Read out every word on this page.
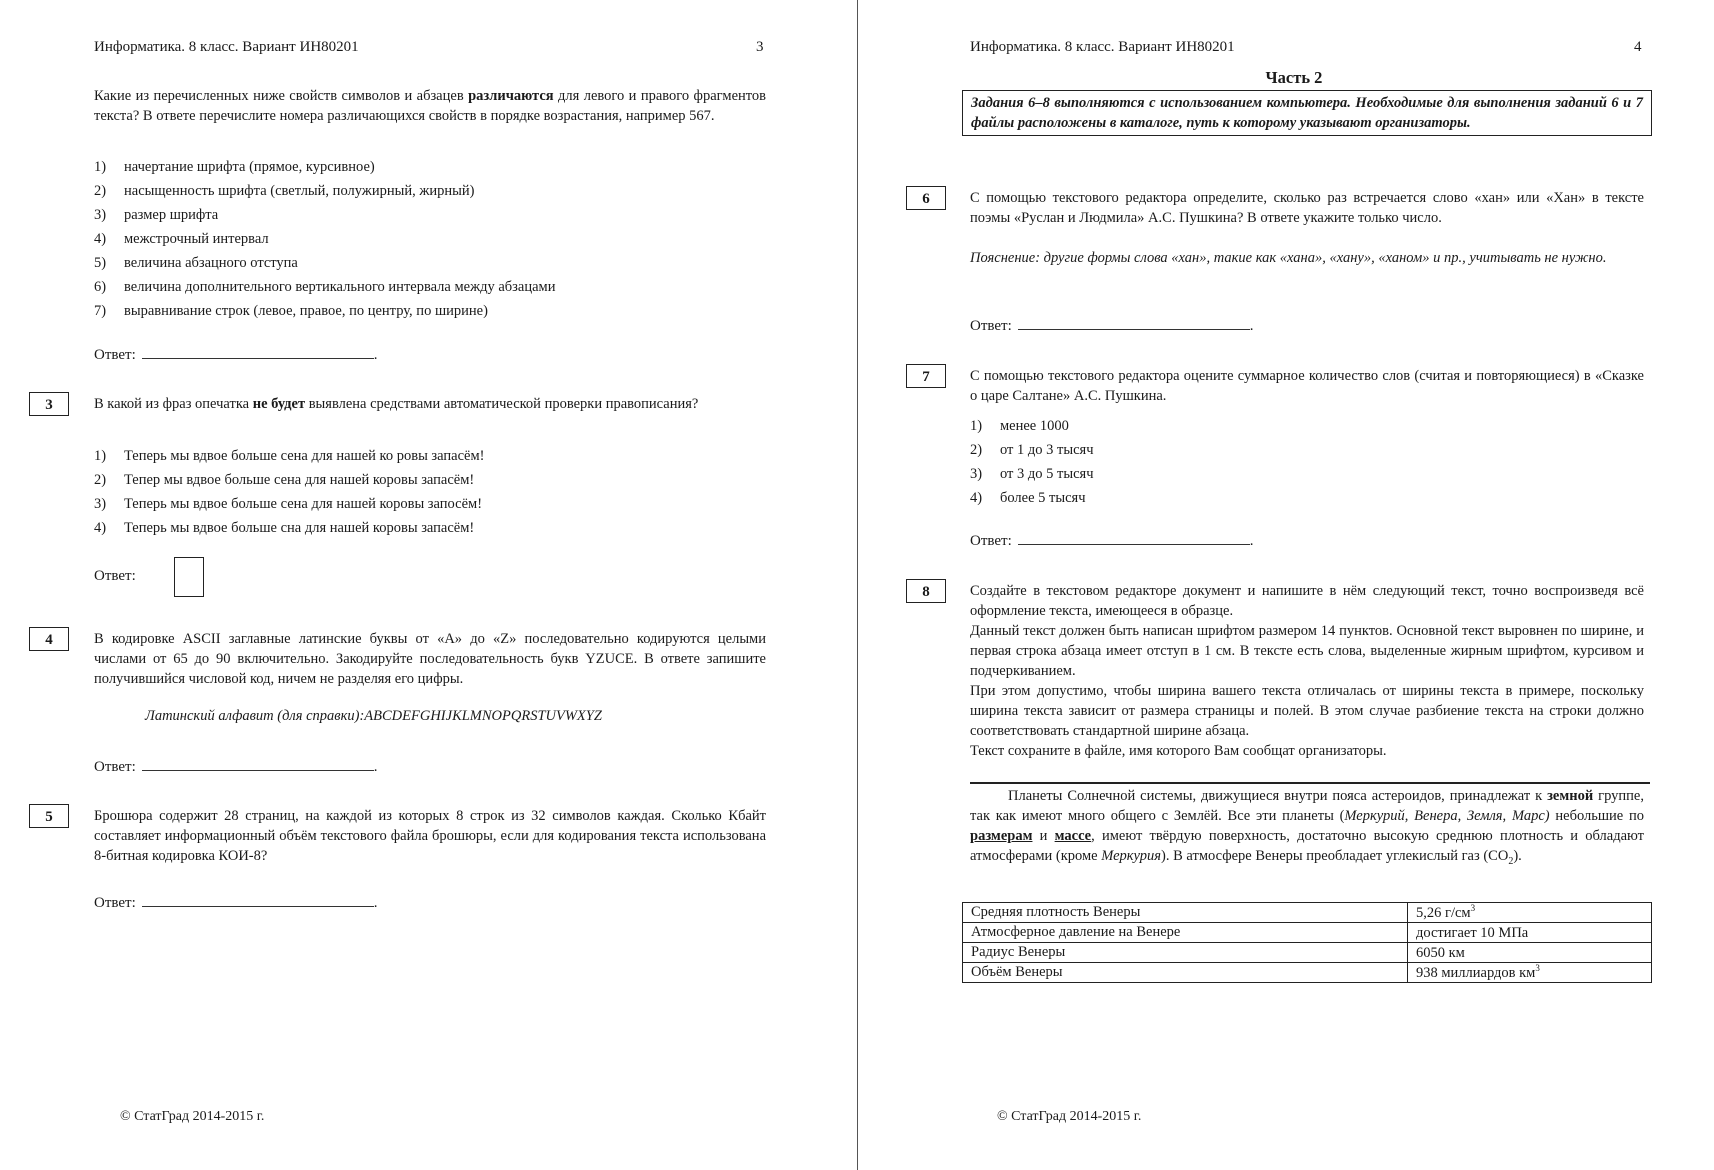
Информатика. 8 класс. Вариант ИН80201	3
Какие из перечисленных ниже свойств символов и абзацев различаются для левого и правого фрагментов текста? В ответе перечислите номера различающихся свойств в порядке возрастания, например 567.
1)	начертание шрифта (прямое, курсивное)
2)	насыщенность шрифта (светлый, полужирный, жирный)
3)	размер шрифта
4)	межстрочный интервал
5)	величина абзацного отступа
6)	величина дополнительного вертикального интервала между абзацами
7)	выравнивание строк (левое, правое, по центру, по ширине)
Ответ:	.
3	В какой из фраз опечатка не будет выявлена средствами автоматической проверки правописания?
1)	Теперь мы вдвое больше сена для нашей ко ровы запасём!
2)	Тепер мы вдвое больше сена для нашей коровы запасём!
3)	Теперь мы вдвое больше сена для нашей коровы запосём!
4)	Теперь мы вдвое больше сна для нашей коровы запасём!
Ответ:
4	В кодировке ASCII заглавные латинские буквы от «A» до «Z» последовательно кодируются целыми числами от 65 до 90 включительно. Закодируйте последовательность букв YZUCE. В ответе запишите получившийся числовой код, ничем не разделяя его цифры.
Латинский алфавит (для справки):ABCDEFGHIJKLMNOPQRSTUVWXYZ
Ответ:	.
5	Брошюра содержит 28 страниц, на каждой из которых 8 строк из 32 символов каждая. Сколько Кбайт составляет информационный объём текстового файла брошюры, если для кодирования текста использована 8-битная кодировка КОИ-8?
Ответ:	.
© СтатГрад 2014-2015 г.
Информатика. 8 класс. Вариант ИН80201	4
Часть 2
Задания 6–8 выполняются с использованием компьютера. Необходимые для выполнения заданий 6 и 7 файлы расположены в каталоге, путь к которому указывают организаторы.
6	С помощью текстового редактора определите, сколько раз встречается слово «хан» или «Хан» в тексте поэмы «Руслан и Людмила» А.С. Пушкина? В ответе укажите только число.
Пояснение: другие формы слова «хан», такие как «хана», «хану», «ханом» и пр., учитывать не нужно.
Ответ:	.
7	С помощью текстового редактора оцените суммарное количество слов (считая и повторяющиеся) в «Сказке о царе Салтане» А.С. Пушкина.
1)	менее 1000
2)	от 1 до 3 тысяч
3)	от 3 до 5 тысяч
4)	более 5 тысяч
Ответ:	.
8	Создайте в текстовом редакторе документ и напишите в нём следующий текст, точно воспроизведя всё оформление текста, имеющееся в образце.
Данный текст должен быть написан шрифтом размером 14 пунктов. Основной текст выровнен по ширине, и первая строка абзаца имеет отступ в 1 см. В тексте есть слова, выделенные жирным шрифтом, курсивом и подчеркиванием.
При этом допустимо, чтобы ширина вашего текста отличалась от ширины текста в примере, поскольку ширина текста зависит от размера страницы и полей. В этом случае разбиение текста на строки должно соответствовать стандартной ширине абзаца.
Текст сохраните в файле, имя которого Вам сообщат организаторы.
Планеты Солнечной системы, движущиеся внутри пояса астероидов, принадлежат к земной группе, так как имеют много общего с Землёй. Все эти планеты (Меркурий, Венера, Земля, Марс) небольшие по размерам и массе, имеют твёрдую поверхность, достаточно высокую среднюю плотность и обладают атмосферами (кроме Меркурия). В атмосфере Венеры преобладает углекислый газ $(CO_2)$.
Средняя плотность Венеры	5,26 $г/см^3$
Атмосферное давление на Венере	достигает 10 МПа
Радиус Венеры	6050 км
Объём Венеры	938 миллиардов $км^3$
© СтатГрад 2014-2015 г.
